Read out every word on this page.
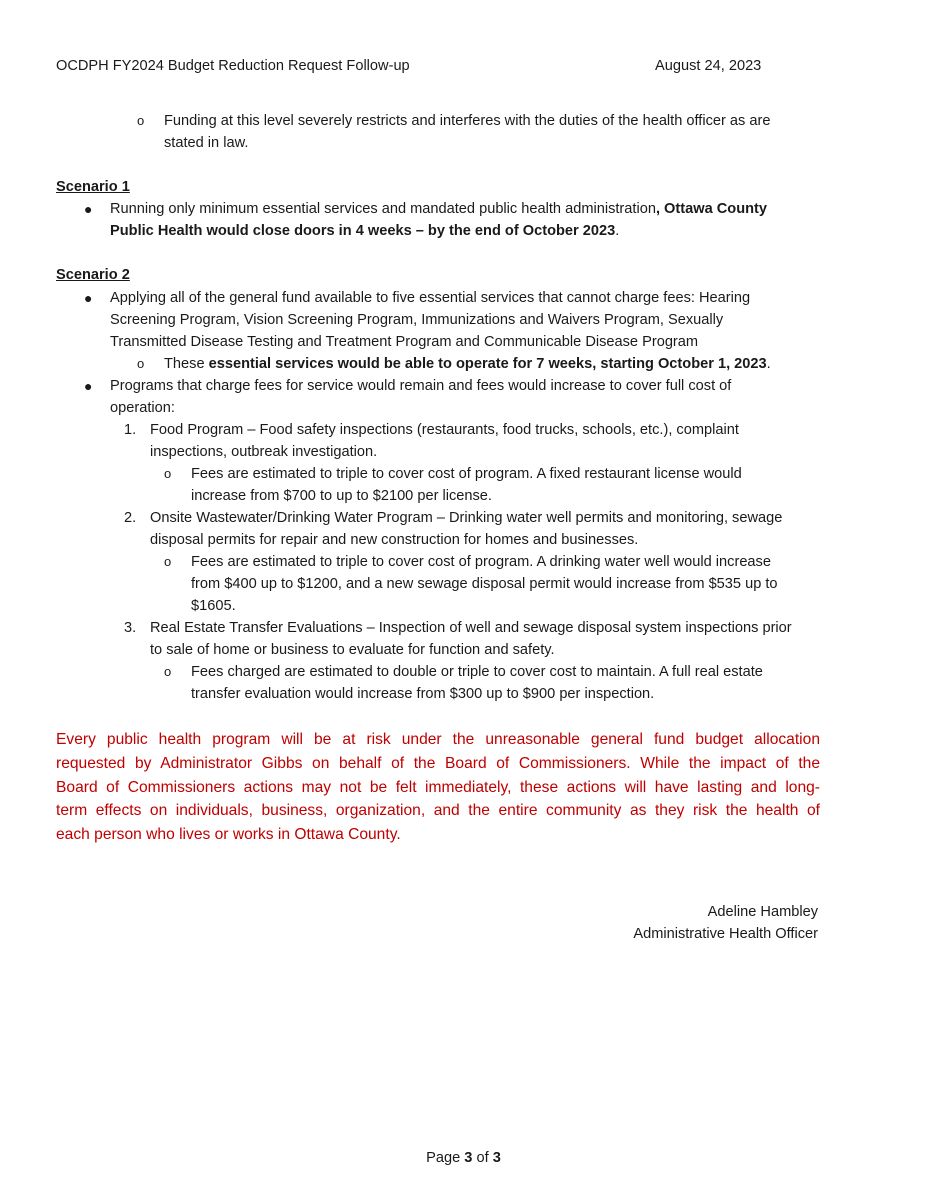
OCDPH FY2024 Budget Reduction Request Follow-up	August 24, 2023
o Funding at this level severely restricts and interferes with the duties of the health officer as are
stated in law.
Scenario 1
● Running only minimum essential services and mandated public health administration, Ottawa County
Public Health would close doors in 4 weeks – by the end of October 2023.
Scenario 2
● Applying all of the general fund available to five essential services that cannot charge fees: Hearing
Screening Program, Vision Screening Program, Immunizations and Waivers Program, Sexually
Transmitted Disease Testing and Treatment Program and Communicable Disease Program
o These essential services would be able to operate for 7 weeks, starting October 1, 2023.
● Programs that charge fees for service would remain and fees would increase to cover full cost of
operation:
1. Food Program – Food safety inspections (restaurants, food trucks, schools, etc.), complaint
inspections, outbreak investigation.
o Fees are estimated to triple to cover cost of program. A fixed restaurant license would
increase from $700 to up to $2100 per license.
2. Onsite Wastewater/Drinking Water Program – Drinking water well permits and monitoring, sewage
disposal permits for repair and new construction for homes and businesses.
o Fees are estimated to triple to cover cost of program. A drinking water well would increase
from $400 up to $1200, and a new sewage disposal permit would increase from $535 up to
$1605.
3. Real Estate Transfer Evaluations – Inspection of well and sewage disposal system inspections prior
to sale of home or business to evaluate for function and safety.
o Fees charged are estimated to double or triple to cover cost to maintain. A full real estate
transfer evaluation would increase from $300 up to $900 per inspection.
Every public health program will be at risk under the unreasonable general fund budget allocation
requested by Administrator Gibbs on behalf of the Board of Commissioners. While the impact of the
Board of Commissioners actions may not be felt immediately, these actions will have lasting and long-
term effects on individuals, business, organization, and the entire community as they risk the health of
each person who lives or works in Ottawa County.
Adeline Hambley
Administrative Health Officer
Page 3 of 3
